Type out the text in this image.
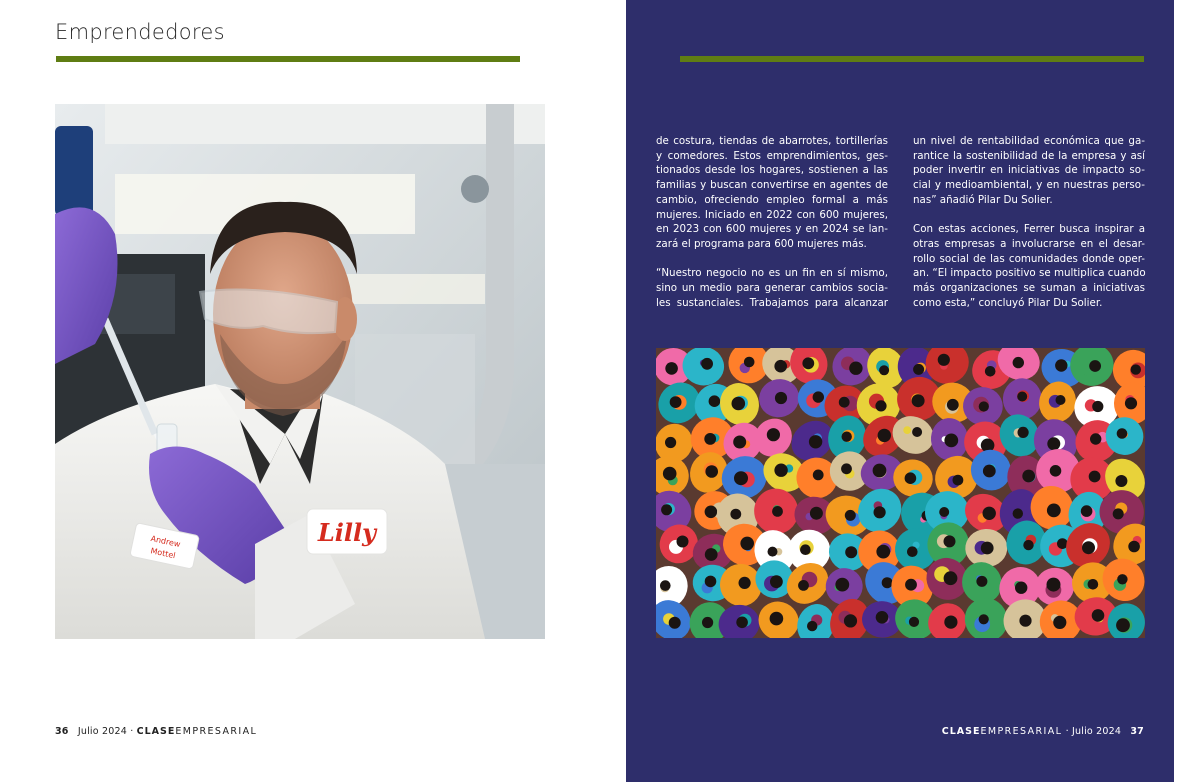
Emprendedores
Lilly
Andrew
Mottel
36 Julio 2024 · CLASEEMPRESARIAL
de costura, tiendas de abarrotes, tortillerías
y comedores. Estos emprendimientos, ges-
tionados desde los hogares, sostienen a las
familias y buscan convertirse en agentes de
cambio, ofreciendo empleo formal a más
mujeres. Iniciado en 2022 con 600 mujeres,
en 2023 con 600 mujeres y en 2024 se lan-
zará el programa para 600 mujeres más.
“Nuestro negocio no es un fin en sí mismo,
sino un medio para generar cambios socia-
les sustanciales. Trabajamos para alcanzar
un nivel de rentabilidad económica que ga-
rantice la sostenibilidad de la empresa y así
poder invertir en iniciativas de impacto so-
cial y medioambiental, y en nuestras perso-
nas” añadió Pilar Du Solier.
Con estas acciones, Ferrer busca inspirar a
otras empresas a involucrarse en el desar-
rollo social de las comunidades donde oper-
an. “El impacto positivo se multiplica cuando
más organizaciones se suman a iniciativas
como esta,” concluyó Pilar Du Solier.
CLASEEMPRESARIAL · Julio 2024 37
